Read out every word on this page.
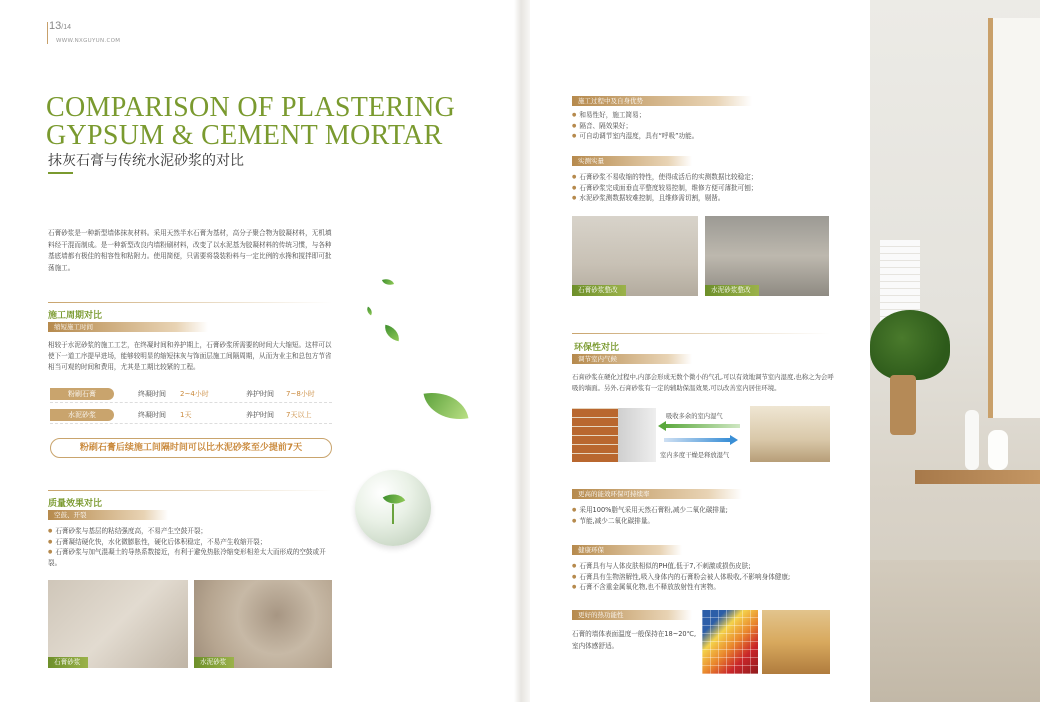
13/14
WWW.NXGUYUN.COM
COMPARISON OF PLASTERING
GYPSUM & CEMENT MORTAR
抹灰石膏与传统水泥砂浆的对比
石膏砂浆是一种新型墙体抹灰材料。采用天然半水石膏为基材，高分子聚合物为胶凝材料，无机填料经干混而制成。是一种新型改良内墙粉刷材料，改变了以水泥基为胶凝材料的传统习惯，与各种基底墙都有极佳的相容性和粘附力。使用简便，只需要将袋装粉料与一定比例的水搀和搅拌即可批荡施工。
施工周期对比
缩短施工时间
相较于水泥砂浆的施工工艺，在终凝时间和养护期上，石膏砂浆所需要的时间大大缩短。这样可以使下一道工序提早进场，能够较明显的缩短抹灰与饰面层施工间隔周期，从而为业主和总包方节省相当可观的时间和费用，尤其是工期比较紧的工程。
粉刷石膏	终凝时间 2~4小时	养护时间 7~8小时
水泥砂浆	终凝时间 1天	养护时间 7天以上
粉刷石膏后续施工间隔时间可以比水泥砂浆至少提前7天
质量效果对比
空鼓、开裂
● 石膏砂浆与基层的粘结强度高，不易产生空鼓开裂；
● 石膏凝结硬化快，水化微膨胀性，硬化后体积稳定，不易产生收缩开裂；
● 石膏砂浆与加气混凝土的导热系数接近，有利于避免热胀冷缩变形相差太大而形成的空鼓或开裂。
石膏砂浆	水泥砂浆
施工过程中及自身优势
● 和易性好，施工简易；
● 隔音、隔效果好；
● 可自动调节室内湿度，具有“呼吸”功能。
实测实量
● 石膏砂浆不易收缩的特性，使得成活后的实测数据比较稳定；
● 石膏砂浆完成面垂直平整度较易控制，维修方便可薄批可刨；
● 水泥砂浆测数据较难控制，且维修需切割，剔凿。
石膏砂浆整改	水泥砂浆整改
环保性对比
调节室内气候
石膏砂浆在硬化过程中,内部会形成无数个微小的气孔,可以有效地调节室内湿度,也称之为会呼吸的墙面。另外,石膏砂浆有一定的辅助保温效果,可以改善室内居住环境。
吸收多余的室内湿气
室内多度干燥是释放湿气
更高的能效环保可持续率
● 采用100%脂气采用天然石膏粉,减少二氧化碳排量;
● 节能,减少二氧化碳排量。
健康环保
● 石膏具有与人体皮肤相似的PH值,低于7,不刺激或损伤皮肤;
● 石膏具有生物溶解性,吸入身体内的石膏粉会被人体吸收,不影响身体健康;
● 石膏不含重金属氧化物,也不释放放射性有害物。
更好的热功能性
石膏的墙体表面温度一般保持在18~20℃,室内体感舒适。
